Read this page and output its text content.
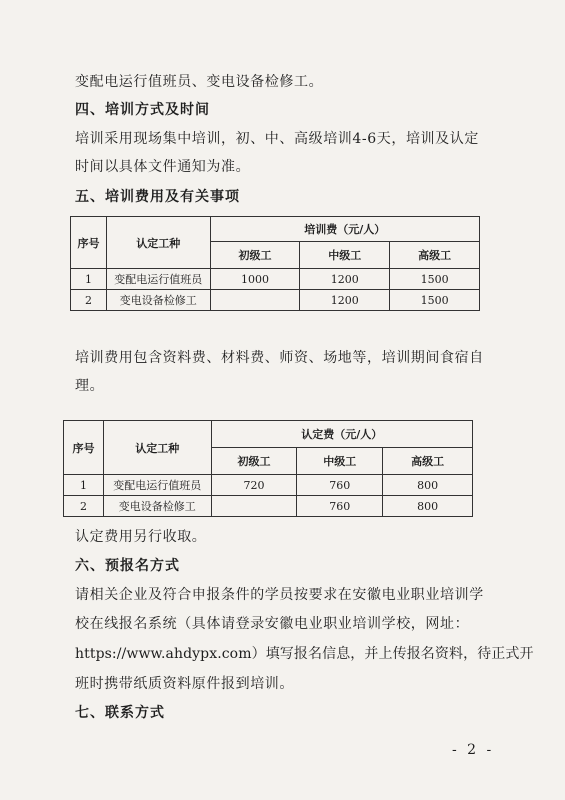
变配电运行值班员、变电设备检修工。
四、培训方式及时间
培训采用现场集中培训，初、中、高级培训4-6天，培训及认定
时间以具体文件通知为准。
五、培训费用及有关事项
序号	认定工种	培训费（元/人）		
		初级工	中级工	高级工
1	变配电运行值班员	1000	1200	1500
2	变电设备检修工		1200	1500
培训费用包含资料费、材料费、师资、场地等，培训期间食宿自
理。
序号	认定工种	认定费（元/人）		
		初级工	中级工	高级工
1	变配电运行值班员	720	760	800
2	变电设备检修工		760	800
认定费用另行收取。
六、预报名方式
请相关企业及符合申报条件的学员按要求在安徽电业职业培训学
校在线报名系统（具体请登录安徽电业职业培训学校，网址：
https://www.ahdypx.com）填写报名信息，并上传报名资料，待正式开
班时携带纸质资料原件报到培训。
七、联系方式
- 2 -
